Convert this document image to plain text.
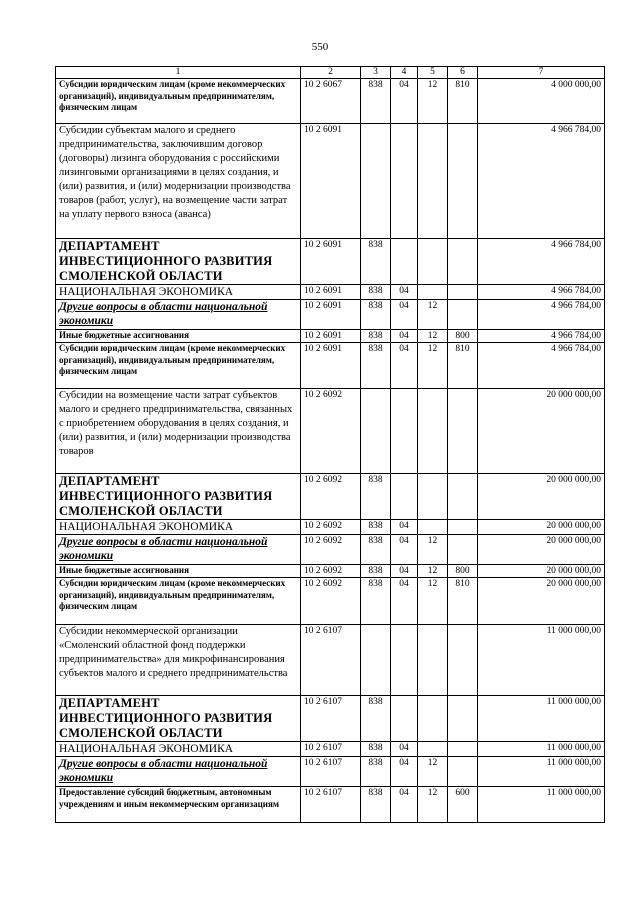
550
1	2	3	4	5	6	7
Субсидии юридическим лицам (кроме некоммерческих организаций), индивидуальным предпринимателям, физическим лицам	10 2 6067	838	04	12	810	4 000 000,00
Субсидии субъектам малого и среднего предпринимательства, заключившим договор (договоры) лизинга оборудования с российскими лизинговыми организациями в целях создания, и (или) развития, и (или) модернизации производства товаров (работ, услуг), на возмещение части затрат на уплату первого взноса (аванса)	10 2 6091					4 966 784,00
ДЕПАРТАМЕНТ ИНВЕСТИЦИОННОГО РАЗВИТИЯ СМОЛЕНСКОЙ ОБЛАСТИ	10 2 6091	838				4 966 784,00
НАЦИОНАЛЬНАЯ ЭКОНОМИКА	10 2 6091	838	04			4 966 784,00
Другие вопросы в области национальной экономики	10 2 6091	838	04	12		4 966 784,00
Иные бюджетные ассигнования	10 2 6091	838	04	12	800	4 966 784,00
Субсидии юридическим лицам (кроме некоммерческих организаций), индивидуальным предпринимателям, физическим лицам	10 2 6091	838	04	12	810	4 966 784,00
Субсидии на возмещение части затрат субъектов малого и среднего предпринимательства, связанных с приобретением оборудования в целях создания, и (или) развития, и (или) модернизации производства товаров	10 2 6092					20 000 000,00
ДЕПАРТАМЕНТ ИНВЕСТИЦИОННОГО РАЗВИТИЯ СМОЛЕНСКОЙ ОБЛАСТИ	10 2 6092	838				20 000 000,00
НАЦИОНАЛЬНАЯ ЭКОНОМИКА	10 2 6092	838	04			20 000 000,00
Другие вопросы в области национальной экономики	10 2 6092	838	04	12		20 000 000,00
Иные бюджетные ассигнования	10 2 6092	838	04	12	800	20 000 000,00
Субсидии юридическим лицам (кроме некоммерческих организаций), индивидуальным предпринимателям, физическим лицам	10 2 6092	838	04	12	810	20 000 000,00
Субсидии некоммерческой организации «Смоленский областной фонд поддержки предпринимательства» для микрофинансирования субъектов малого и среднего предпринимательства	10 2 6107					11 000 000,00
ДЕПАРТАМЕНТ ИНВЕСТИЦИОННОГО РАЗВИТИЯ СМОЛЕНСКОЙ ОБЛАСТИ	10 2 6107	838				11 000 000,00
НАЦИОНАЛЬНАЯ ЭКОНОМИКА	10 2 6107	838	04			11 000 000,00
Другие вопросы в области национальной экономики	10 2 6107	838	04	12		11 000 000,00
Предоставление субсидий бюджетным, автономным учреждениям и иным некоммерческим организациям	10 2 6107	838	04	12	600	11 000 000,00
